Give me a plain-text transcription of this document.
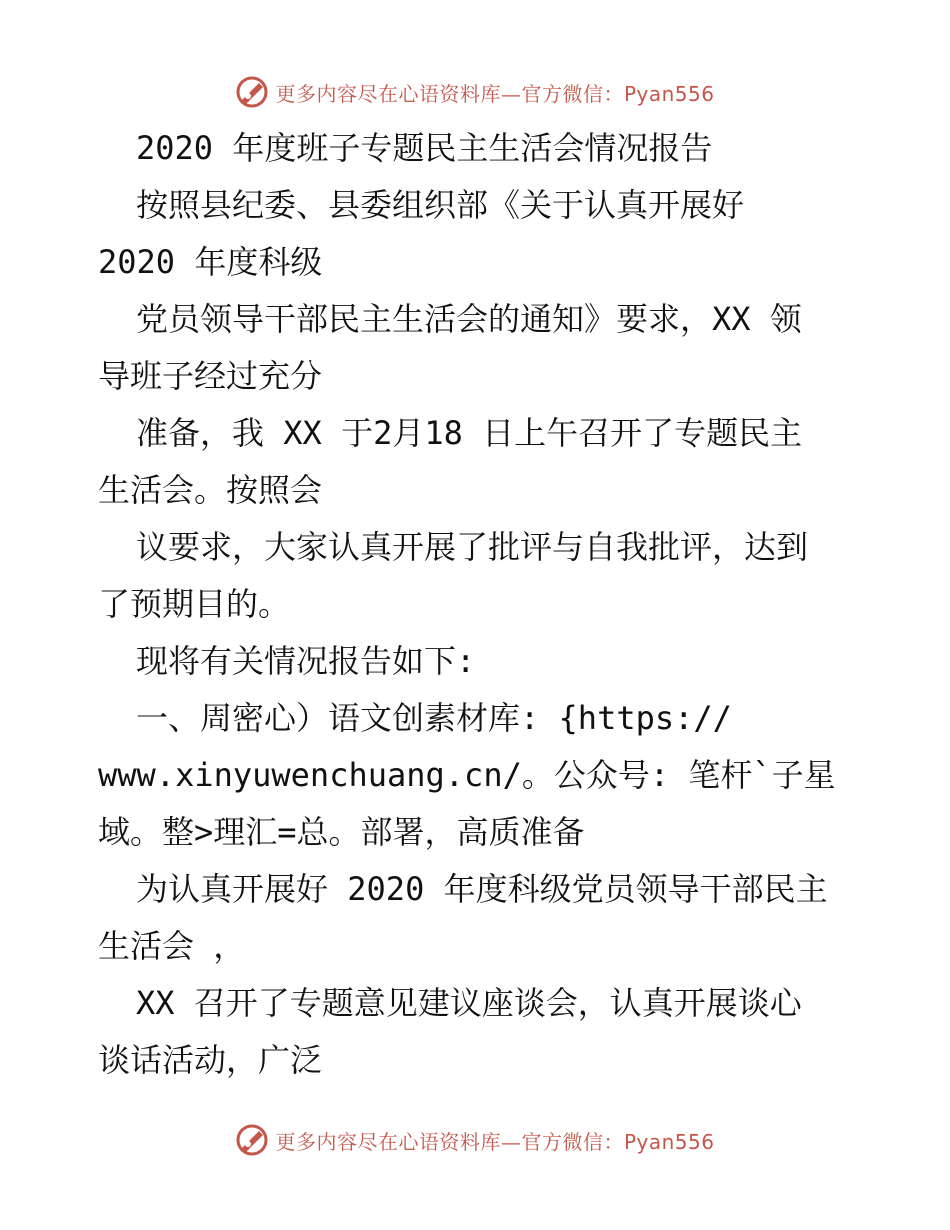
更多内容尽在心语资料库—官方微信：Pyan556
2020 年度班子专题民主生活会情况报告
按照县纪委、县委组织部《关于认真开展好
2020 年度科级
党员领导干部民主生活会的通知》要求，XX 领
导班子经过充分
准备，我 XX 于2月18 日上午召开了专题民主
生活会。按照会
议要求，大家认真开展了批评与自我批评，达到
了预期目的。
现将有关情况报告如下:
一、周密心）语文创素材库: {https://
www.xinyuwenchuang.cn/。公众号: 笔杆`子星
域。整>理汇=总。部署，高质准备
为认真开展好 2020 年度科级党员领导干部民主
生活会 ，
XX 召开了专题意见建议座谈会，认真开展谈心
谈话活动，广泛
更多内容尽在心语资料库—官方微信：Pyan556
